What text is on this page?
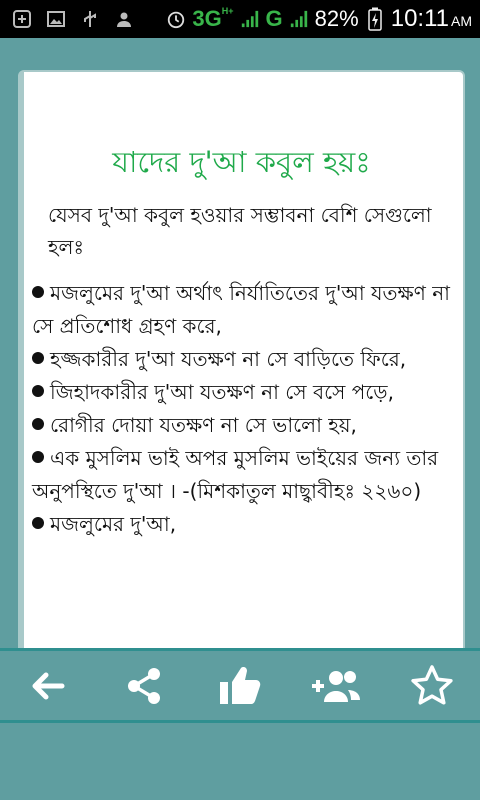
$3G^{H+}$ G 82% 10:11 AM
যাদের দু'আ কবুল হয়ঃ
যেসব দু'আ কবুল হওয়ার সম্ভাবনা বেশি সেগুলো হলঃ
মজলুমের দু'আ অর্থাৎ নির্যাতিতের দু'আ যতক্ষণ না সে প্রতিশোধ গ্রহণ করে,
হজ্জকারীর দু'আ যতক্ষণ না সে বাড়িতে ফিরে,
জিহাদকারীর দু'আ যতক্ষণ না সে বসে পড়ে,
রোগীর দোয়া যতক্ষণ না সে ভালো হয়,
এক মুসলিম ভাই অপর মুসলিম ভাইয়ের জন্য তার অনুপস্থিতে দু'আ । -(মিশকাতুল মাছ্বাবীহঃ ২২৬০)
মজলুমের দু'আ,
